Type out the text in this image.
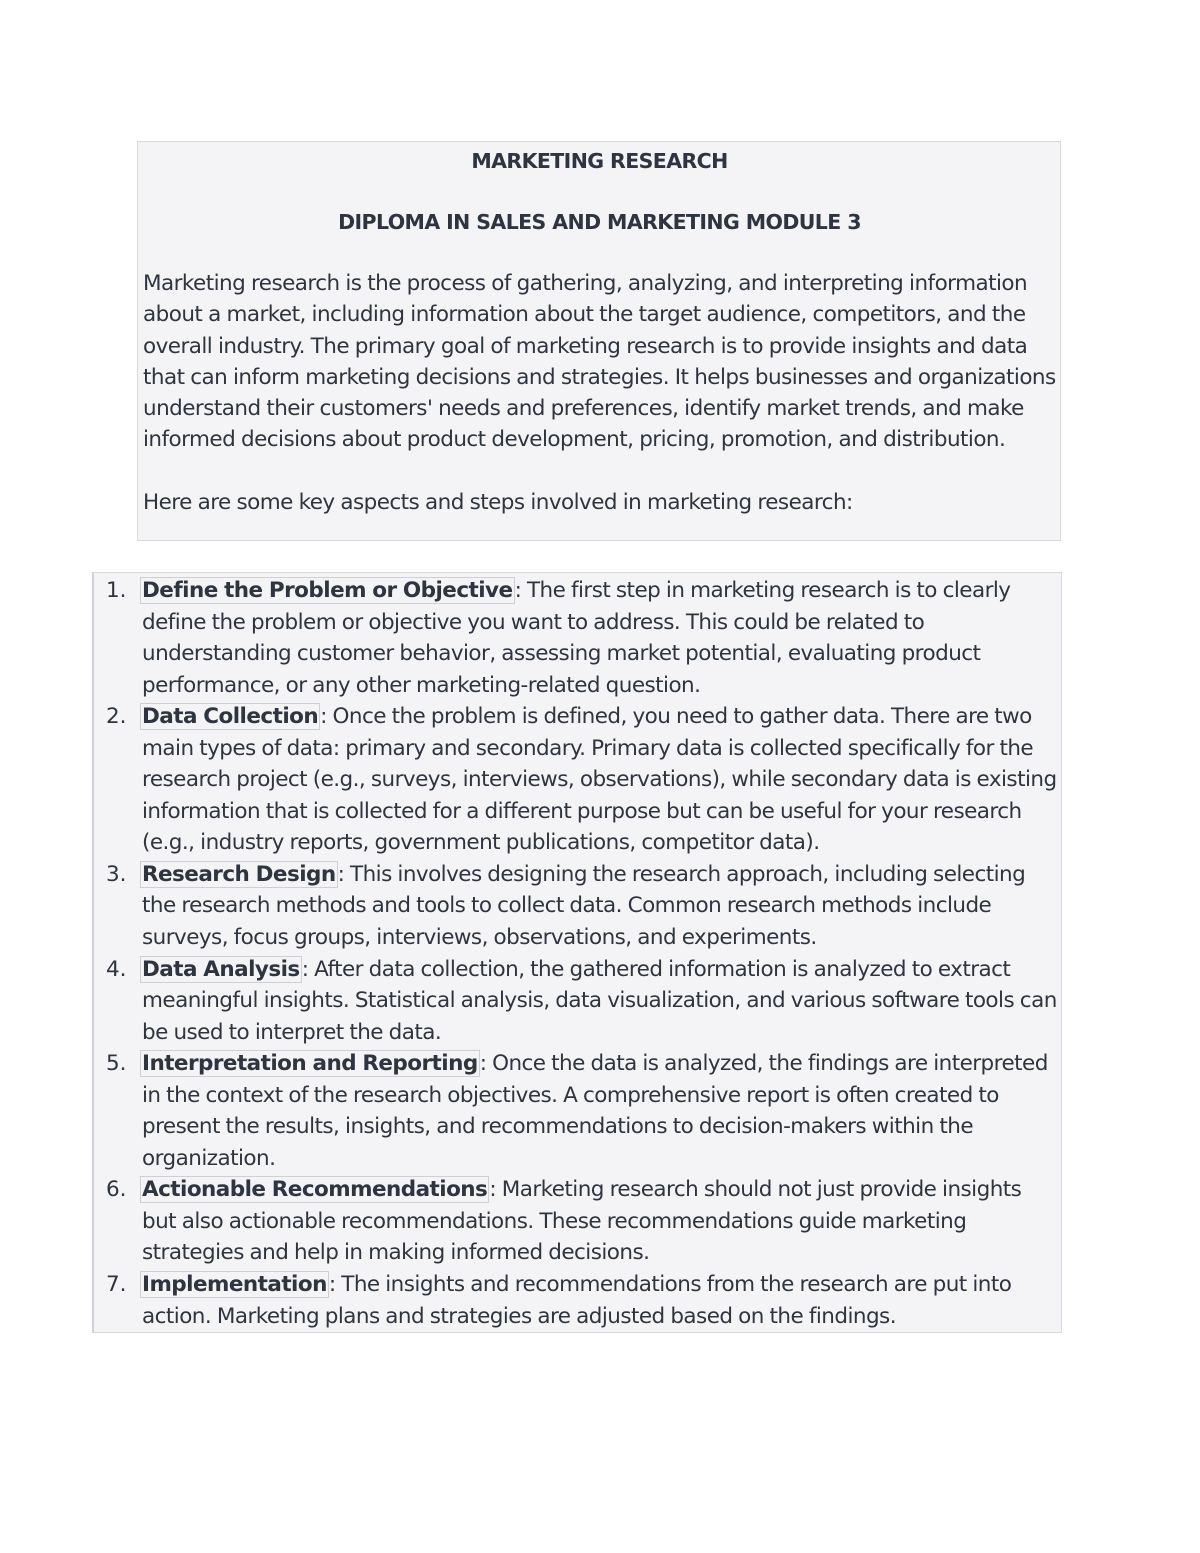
MARKETING RESEARCH
DIPLOMA IN SALES AND MARKETING MODULE 3

Marketing research is the process of gathering, analyzing, and interpreting information about a market, including information about the target audience, competitors, and the overall industry. The primary goal of marketing research is to provide insights and data that can inform marketing decisions and strategies. It helps businesses and organizations understand their customers' needs and preferences, identify market trends, and make informed decisions about product development, pricing, promotion, and distribution.

Here are some key aspects and steps involved in marketing research:

1. Define the Problem or Objective: The first step in marketing research is to clearly define the problem or objective you want to address. This could be related to understanding customer behavior, assessing market potential, evaluating product performance, or any other marketing-related question.
2. Data Collection: Once the problem is defined, you need to gather data. There are two main types of data: primary and secondary. Primary data is collected specifically for the research project (e.g., surveys, interviews, observations), while secondary data is existing information that is collected for a different purpose but can be useful for your research (e.g., industry reports, government publications, competitor data).
3. Research Design: This involves designing the research approach, including selecting the research methods and tools to collect data. Common research methods include surveys, focus groups, interviews, observations, and experiments.
4. Data Analysis: After data collection, the gathered information is analyzed to extract meaningful insights. Statistical analysis, data visualization, and various software tools can be used to interpret the data.
5. Interpretation and Reporting: Once the data is analyzed, the findings are interpreted in the context of the research objectives. A comprehensive report is often created to present the results, insights, and recommendations to decision-makers within the organization.
6. Actionable Recommendations: Marketing research should not just provide insights but also actionable recommendations. These recommendations guide marketing strategies and help in making informed decisions.
7. Implementation: The insights and recommendations from the research are put into action. Marketing plans and strategies are adjusted based on the findings.
